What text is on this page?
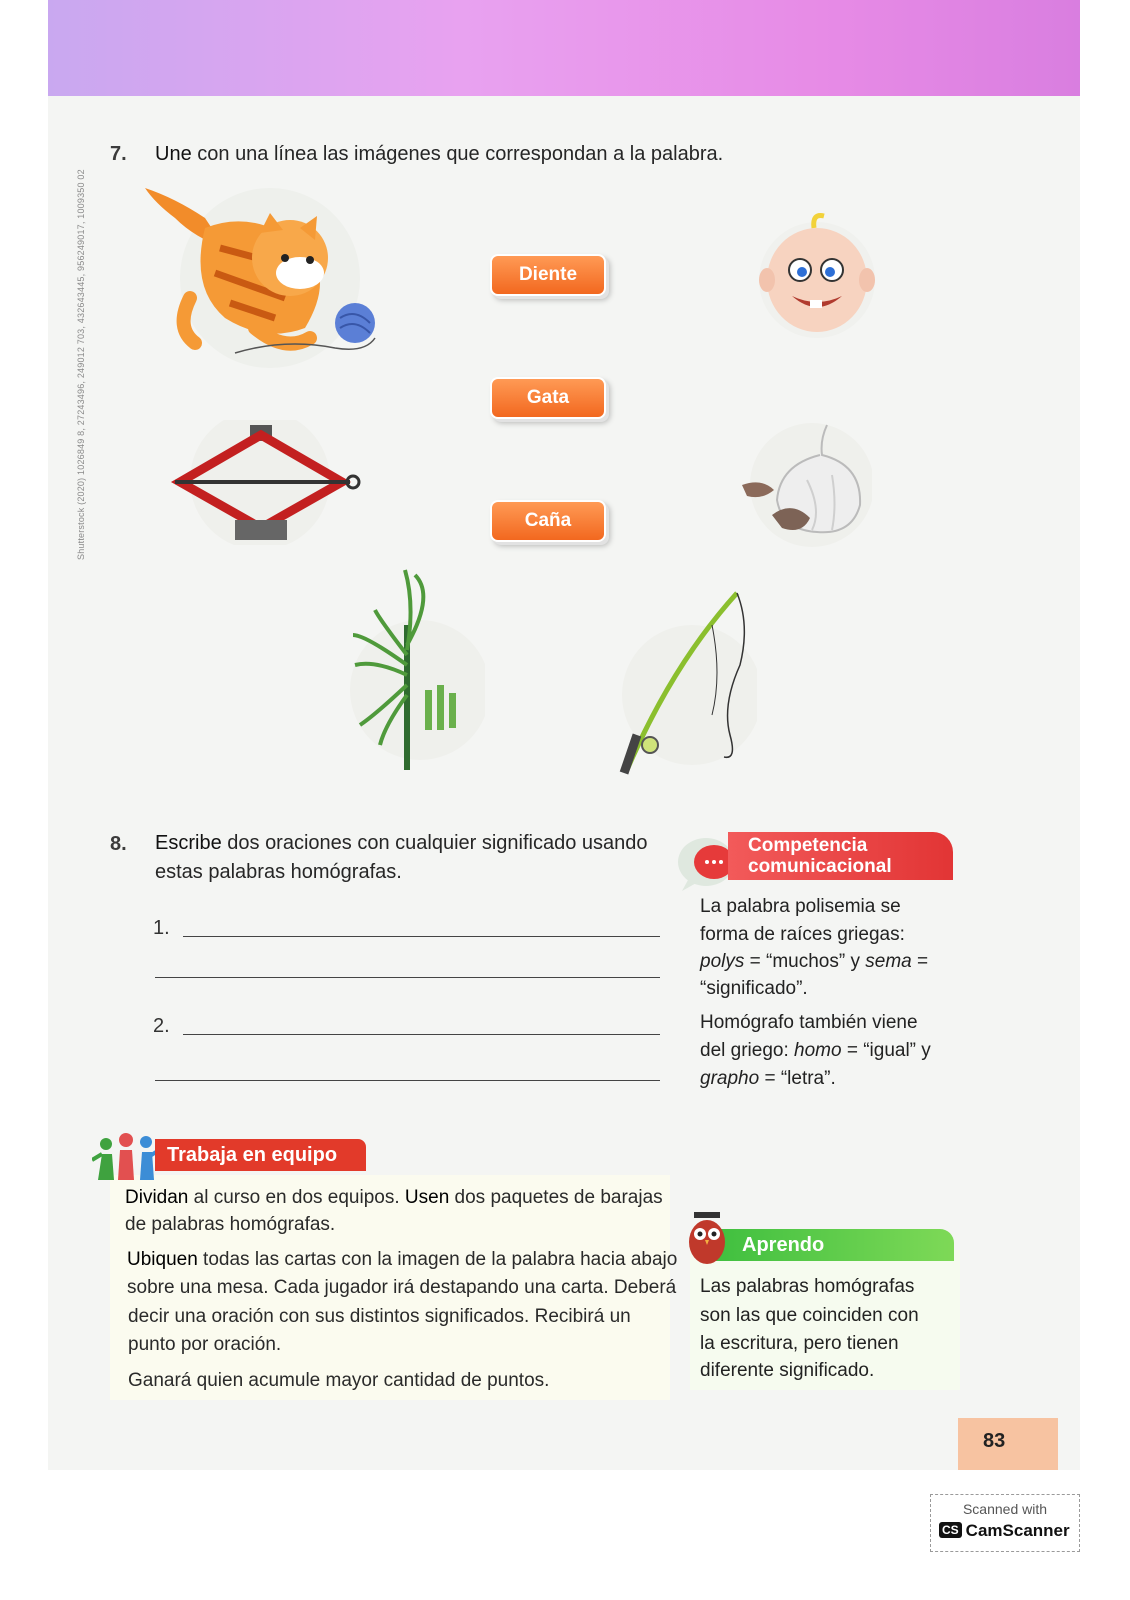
Shutterstock (2020) 1026849 8, 27243496, 249012 703, 432643445, 956249017, 1009350 02
7. Une con una línea las imágenes que correspondan a la palabra.
Diente
Gata
Caña
8. Escribe dos oraciones con cualquier significado usando
estas palabras homógrafas.
1.
2.
Competencia
comunicacional
La palabra polisemia se
forma de raíces griegas:
polys = “muchos” y sema =
“significado”.
Homógrafo también viene
del griego: homo = “igual” y
grapho = “letra”.
Trabaja en equipo
Dividan al curso en dos equipos. Usen dos paquetes de barajas
de palabras homógrafas.
Ubiquen todas las cartas con la imagen de la palabra hacia abajo
sobre una mesa. Cada jugador irá destapando una carta. Deberá
decir una oración con sus distintos significados. Recibirá un
punto por oración.
Ganará quien acumule mayor cantidad de puntos.
Aprendo
Las palabras homógrafas
son las que coinciden con
la escritura, pero tienen
diferente significado.
83
Scanned with
CS CamScanner
